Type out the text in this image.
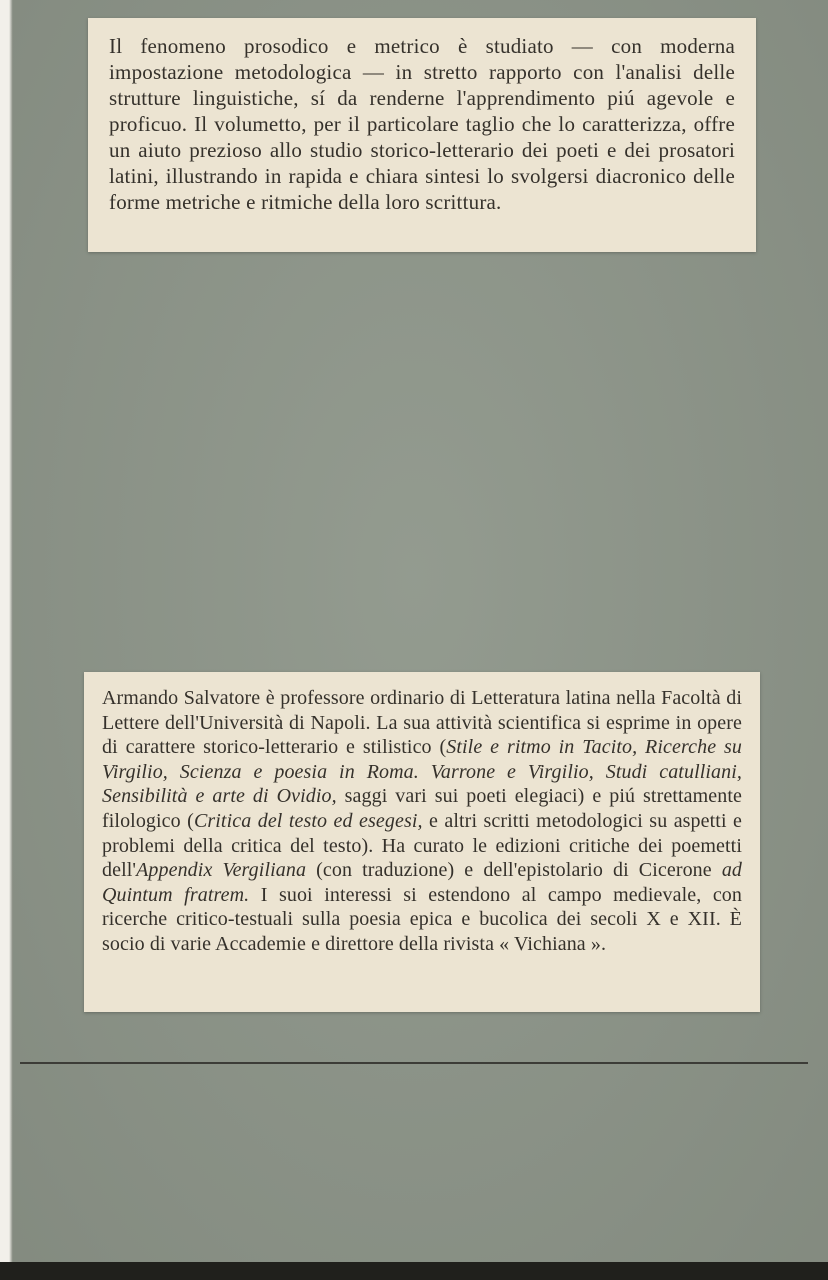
Il fenomeno prosodico e metrico è studiato — con moderna impostazione metodologica — in stretto rapporto con l'analisi delle strutture linguistiche, sí da renderne l'apprendimento piú agevole e proficuo. Il volumetto, per il particolare taglio che lo caratterizza, offre un aiuto prezioso allo studio storico-letterario dei poeti e dei prosatori latini, illustrando in rapida e chiara sintesi lo svolgersi diacronico delle forme metriche e ritmiche della loro scrittura.

Armando Salvatore è professore ordinario di Letteratura latina nella Facoltà di Lettere dell'Università di Napoli. La sua attività scientifica si esprime in opere di carattere storico-letterario e stilistico (Stile e ritmo in Tacito, Ricerche su Virgilio, Scienza e poesia in Roma. Varrone e Virgilio, Studi catulliani, Sensibilità e arte di Ovidio, saggi vari sui poeti elegiaci) e piú strettamente filologico (Critica del testo ed esegesi, e altri scritti metodologici su aspetti e problemi della critica del testo). Ha curato le edizioni critiche dei poemetti dell'Appendix Vergiliana (con traduzione) e dell'epistolario di Cicerone ad Quintum fratrem. I suoi interessi si estendono al campo medievale, con ricerche critico-testuali sulla poesia epica e bucolica dei secoli X e XII. È socio di varie Accademie e direttore della rivista « Vichiana ».
